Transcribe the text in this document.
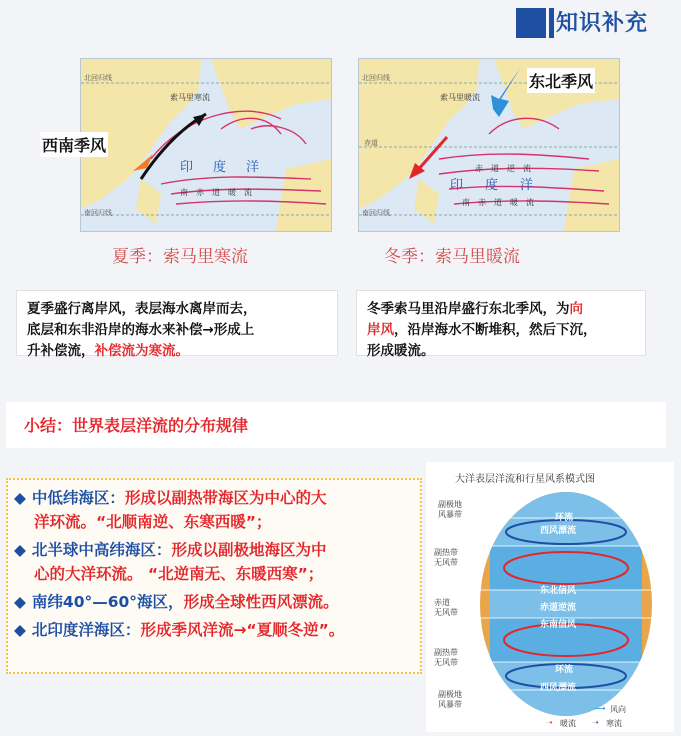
知识补充
北回归线
南回归线
索马里寒流
印度洋
南赤道暖流
西南季风
夏季：索马里寒流
北回归线
赤道
南回归线
东北季风
索马里暖流
赤道逆流
印度洋
南赤道暖流
冬季：索马里暖流
夏季盛行离岸风，表层海水离岸而去，
底层和东非沿岸的海水来补偿→形成上
升补偿流，补偿流为寒流。
冬季索马里沿岸盛行东北季风，为向
岸风，沿岸海水不断堆积，然后下沉，
形成暖流。
小结：世界表层洋流的分布规律
◆ 中低纬海区：形成以副热带海区为中心的大
洋环流。“北顺南逆、东寒西暖”；
◆ 北半球中高纬海区：形成以副极地海区为中
心的大洋环流。 “北逆南无、东暖西寒”；
◆ 南纬40°—60°海区，形成全球性西风漂流。
◆ 北印度洋海区：形成季风洋流→“夏顺冬逆”。
大洋表层洋流和行星风系模式图
环流
西风漂流
东北信风
赤道逆流
东南信风
环流
西风漂流
副极地
风暴带
副热带
无风带
赤道
无风带
副热带
无风带
副极地
风暴带	⟶ 风向
➝ 暖流 ➝ 寒流
